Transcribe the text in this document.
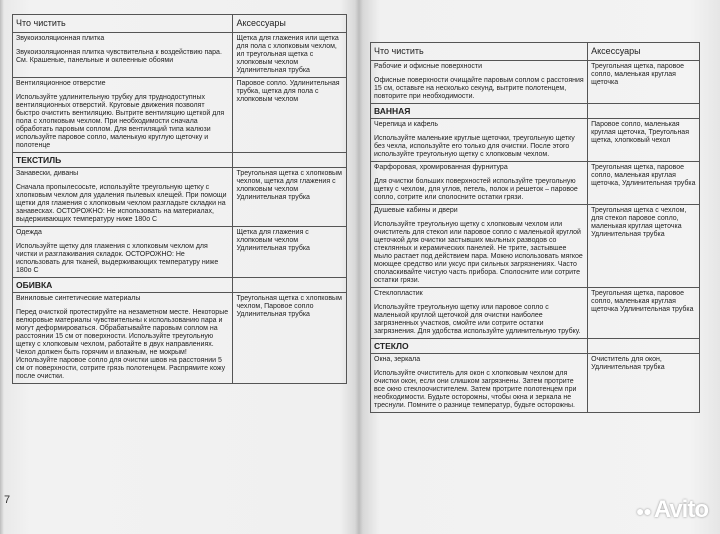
Что чистить	Аксессуары

Звукоизоляционная плитка
Звукоизоляционная плитка чувствительна к воздействию пара. См. Крашеные, панельные и оклеенные обоями	Щетка для глажения или щетка для пола с хлопковым чехлом, ил треугольная щетка с хлопковым чехлом Удлинительная трубка

Вентиляционное отверстие
Используйте удлинительную трубку для труднодоступных вентиляционных отверстий. Круговые движения позволят быстро очистить вентиляцию. Вытрите вентиляцию щеткой для пола с хлопковым чехлом. При необходимости сначала обработать паровым соплом. Для вентиляций типа жалюзи используйте паровое сопло, маленькую круглую щеточку и полотенце	Паровое сопло. Удлинительная трубка, щетка для пола с хлопковым чехлом
ТЕКСТИЛЬ	

Занавески, диваны
Сначала пропылесосьте, используйте треугольную щетку с хлопковым чехлом для удаления пылевых клещей. При помощи щетки для глажения с хлопковым чехлом разгладьте складки на занавесках. ОСТОРОЖНО: Не использовать на материалах, выдерживающих температуру ниже 180о С	Треугольная щетка с хлопковым чехлом, щетка для глажения с хлопковым чехлом Удлинительная трубка

Одежда
Используйте щетку для глажения с хлопковым чехлом для чистки и разглаживания складок. ОСТОРОЖНО: Не использовать для тканей, выдерживающих температуру ниже 180о С	Щетка для глажения с хлопковым чехлом Удлинительная трубка
ОБИВКА	

Виниловые синтетические материалы
Перед очисткой протестируйте на незаметном месте. Некоторые велюровые материалы чувствительны к использованию пара и могут деформироваться. Обрабатывайте паровым соплом на расстоянии 15 см от поверхности. Используйте треугольную щетку с хлопковым чехлом, работайте в двух направлениях. Чехол должен быть горячим и влажным, не мокрым! Используйте паровое сопло для очистки швов на расстоянии 5 см от поверхности, сотрите грязь полотенцем. Распрямите кожу после очистки.	Треугольная щетка с хлопковым чехлом, Паровое сопло Удлинительная трубка
Что чистить	Аксессуары

Рабочие и офисные поверхности
Офисные поверхности очищайте паровым соплом с расстояния 15 см, оставьте на несколько секунд, вытрите полотенцем, повторите при необходимости.	Треугольная щетка, паровое сопло, маленькая круглая щеточка
ВАННАЯ	

Черепица и кафель
Используйте маленькие круглые щеточки, треугольную щетку без чехла, используйте его только для очистки. После этого используйте треугольную щетку с хлопковым чехлом.	Паровое сопло, маленькая круглая щеточка, Треугольная щетка, хлопковый чехол

Фарфоровая, хромированная фурнитура
Для очистки больших поверхностей используйте треугольную щетку с чехлом, для углов, петель, полок и решеток – паровое сопло, сотрите или сполосните остатки грязи.	Треугольная щетка, паровое сопло, маленькая круглая щеточка, Удлинительная трубка

Душевые кабины и двери
Используйте треугольную щетку с хлопковым чехлом или очиститель для стекол или паровое сопло с маленькой круглой щеточкой для очистки застывших мыльных разводов со стеклянных и керамических панелей. Не трите, застывшее мыло растает под действием пара. Можно использовать мягкое моющее средство или уксус при сильных загрязнениях. Часто споласкивайте чистую часть прибора. Сполосните или сотрите остатки грязи.	Треугольная щетка с чехлом, для стекол паровое сопло, маленькая круглая щеточка Удлинительная трубка

Стеклопластик
Используйте треугольную щетку или паровое сопло с маленькой круглой щеточкой для очистки наиболее загрязненных участков, смойте или сотрите остатки загрязнения. Для удобства используйте удлинительную трубку.	Треугольная щетка, паровое сопло, маленькая круглая щеточка Удлинительная трубка
СТЕКЛО	

Окна, зеркала
Используйте очиститель для окон с хлопковым чехлом для очистки окон, если они слишком загрязнены. Затем протрите все окно стеклоочистителем. Затем протрите полотенцем при необходимости. Будьте осторожны, чтобы окна и зеркала не треснули. Помните о разнице температур, будьте осторожны.	Очиститель для окон, Удлинительная трубка
7
●● Avito
